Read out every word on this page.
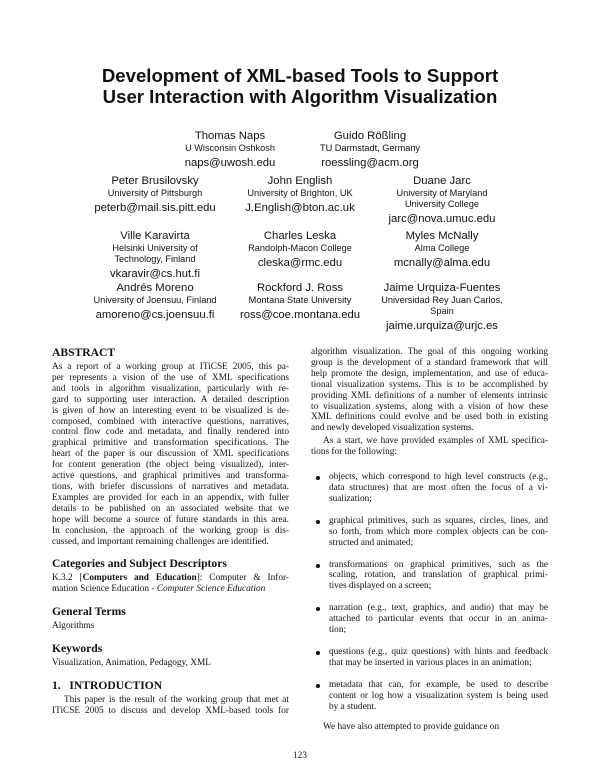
Development of XML-based Tools to Support
User Interaction with Algorithm Visualization
Thomas Naps
U Wisconsin Oshkosh
naps@uwosh.edu
Guido Rößling
TU Darmstadt, Germany
roessling@acm.org
Peter Brusilovsky
University of Pittsburgh
peterb@mail.sis.pitt.edu
John English
University of Brighton, UK
J.English@bton.ac.uk
Duane Jarc
University of Maryland
University College
jarc@nova.umuc.edu
Ville Karavirta
Helsinki University of
Technology, Finland
vkaravir@cs.hut.fi
Charles Leska
Randolph-Macon College
cleska@rmc.edu
Myles McNally
Alma College
mcnally@alma.edu
Andrés Moreno
University of Joensuu, Finland
amoreno@cs.joensuu.fi
Rockford J. Ross
Montana State University
ross@coe.montana.edu
Jaime Urquiza-Fuentes
Universidad Rey Juan Carlos,
Spain
jaime.urquiza@urjc.es
ABSTRACT
As a report of a working group at ITiCSE 2005, this pa-
per represents a vision of the use of XML specifications
and tools in algorithm visualization, particularly with re-
gard to supporting user interaction. A detailed description
is given of how an interesting event to be visualized is de-
composed, combined with interactive questions, narratives,
control flow code and metadata, and finally rendered into
graphical primitive and transformation specifications. The
heart of the paper is our discussion of XML specifications
for content generation (the object being visualized), inter-
active questions, and graphical primitives and transforma-
tions, with briefer discussions of narratives and metadata.
Examples are provided for each in an appendix, with fuller
details to be published on an associated website that we
hope will become a source of future standards in this area.
In conclusion, the approach of the working group is dis-
cussed, and important remaining challenges are identified.
Categories and Subject Descriptors
K.3.2 [Computers and Education]: Computer & Infor-
mation Science Education - Computer Science Education
General Terms
Algorithms
Keywords
Visualization, Animation, Pedagogy, XML
1.   INTRODUCTION
This paper is the result of the working group that met at
ITiCSE 2005 to discuss and develop XML-based tools for
algorithm visualization. The goal of this ongoing working
group is the development of a standard framework that will
help promote the design, implementation, and use of educa-
tional visualization systems. This is to be accomplished by
providing XML definitions of a number of elements intrinsic
to visualization systems, along with a vision of how these
XML definitions could evolve and be used both in existing
and newly developed visualization systems.
As a start, we have provided examples of XML specifica-
tions for the following:
objects, which correspond to high level constructs (e.g.,
data structures) that are most often the focus of a vi-
sualization;
graphical primitives, such as squares, circles, lines, and
so forth, from which more complex objects can be con-
structed and animated;
transformations on graphical primitives, such as the
scaling, rotation, and translation of graphical primi-
tives displayed on a screen;
narration (e.g., text, graphics, and audio) that may be
attached to particular events that occur in an anima-
tion;
questions (e.g., quiz questions) with hints and feedback
that may be inserted in various places in an animation;
metadata that can, for example, be used to describe
content or log how a visualization system is being used
by a student.
We have also attempted to provide guidance on
123
